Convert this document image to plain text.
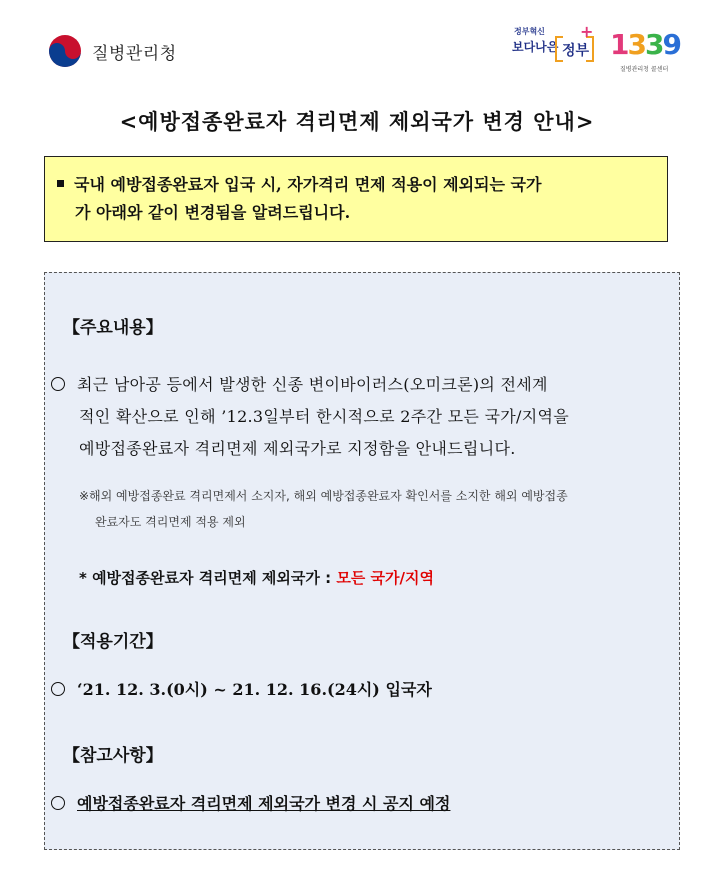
질병관리청
정부혁신
보다나은 정부
+ 1339
질병관리청 콜센터
<예방접종완료자 격리면제 제외국가 변경 안내>
국내 예방접종완료자 입국 시, 자가격리 면제 적용이 제외되는 국가
가 아래와 같이 변경됨을 알려드립니다.
【주요내용】
최근 남아공 등에서 발생한 신종 변이바이러스(오미크론)의 전세계
적인 확산으로 인해 ’12.3일부터 한시적으로 2주간 모든 국가/지역을
예방접종완료자 격리면제 제외국가로 지정함을 안내드립니다.
※해외 예방접종완료 격리면제서 소지자, 해외 예방접종완료자 확인서를 소지한 해외 예방접종
완료자도 격리면제 적용 제외
* 예방접종완료자 격리면제 제외국가 : 모든 국가/지역
【적용기간】
‘21. 12. 3.(0시) ~ 21. 12. 16.(24시) 입국자
【참고사항】
예방접종완료자 격리면제 제외국가 변경 시 공지 예정
